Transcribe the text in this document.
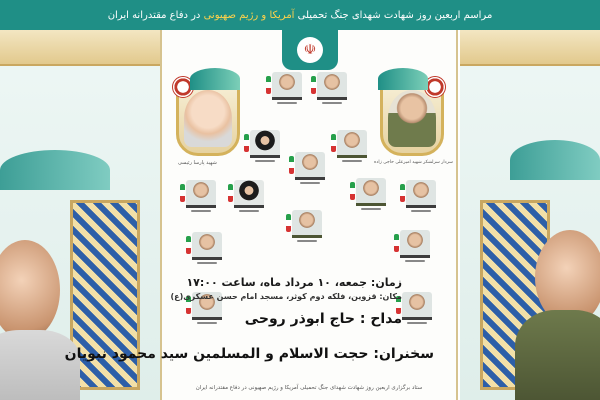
مراسم اربعین روز شهادت شهدای جنگ تحمیلی

آمریکا و رژیم صهیونی

در دفاع مقتدرانه ایران
☫
شهید پارسا رئیسی	سردار سرلشکر شهید امیرعلی حاجی زاده
زمان: جمعه، ۱۰ مرداد ماه، ساعت ۱۷:۰۰
مکان: قزوین، فلکه دوم کوثر، مسجد امام حسن عسکری(ع)
مداح : حاج ابوذر روحی
سخنران: حجت الاسلام و المسلمین سید محمود نبویان
ستاد برگزاری اربعین روز شهادت شهدای جنگ تحمیلی آمریکا و رژیم صهیونی در دفاع مقتدرانه ایران
